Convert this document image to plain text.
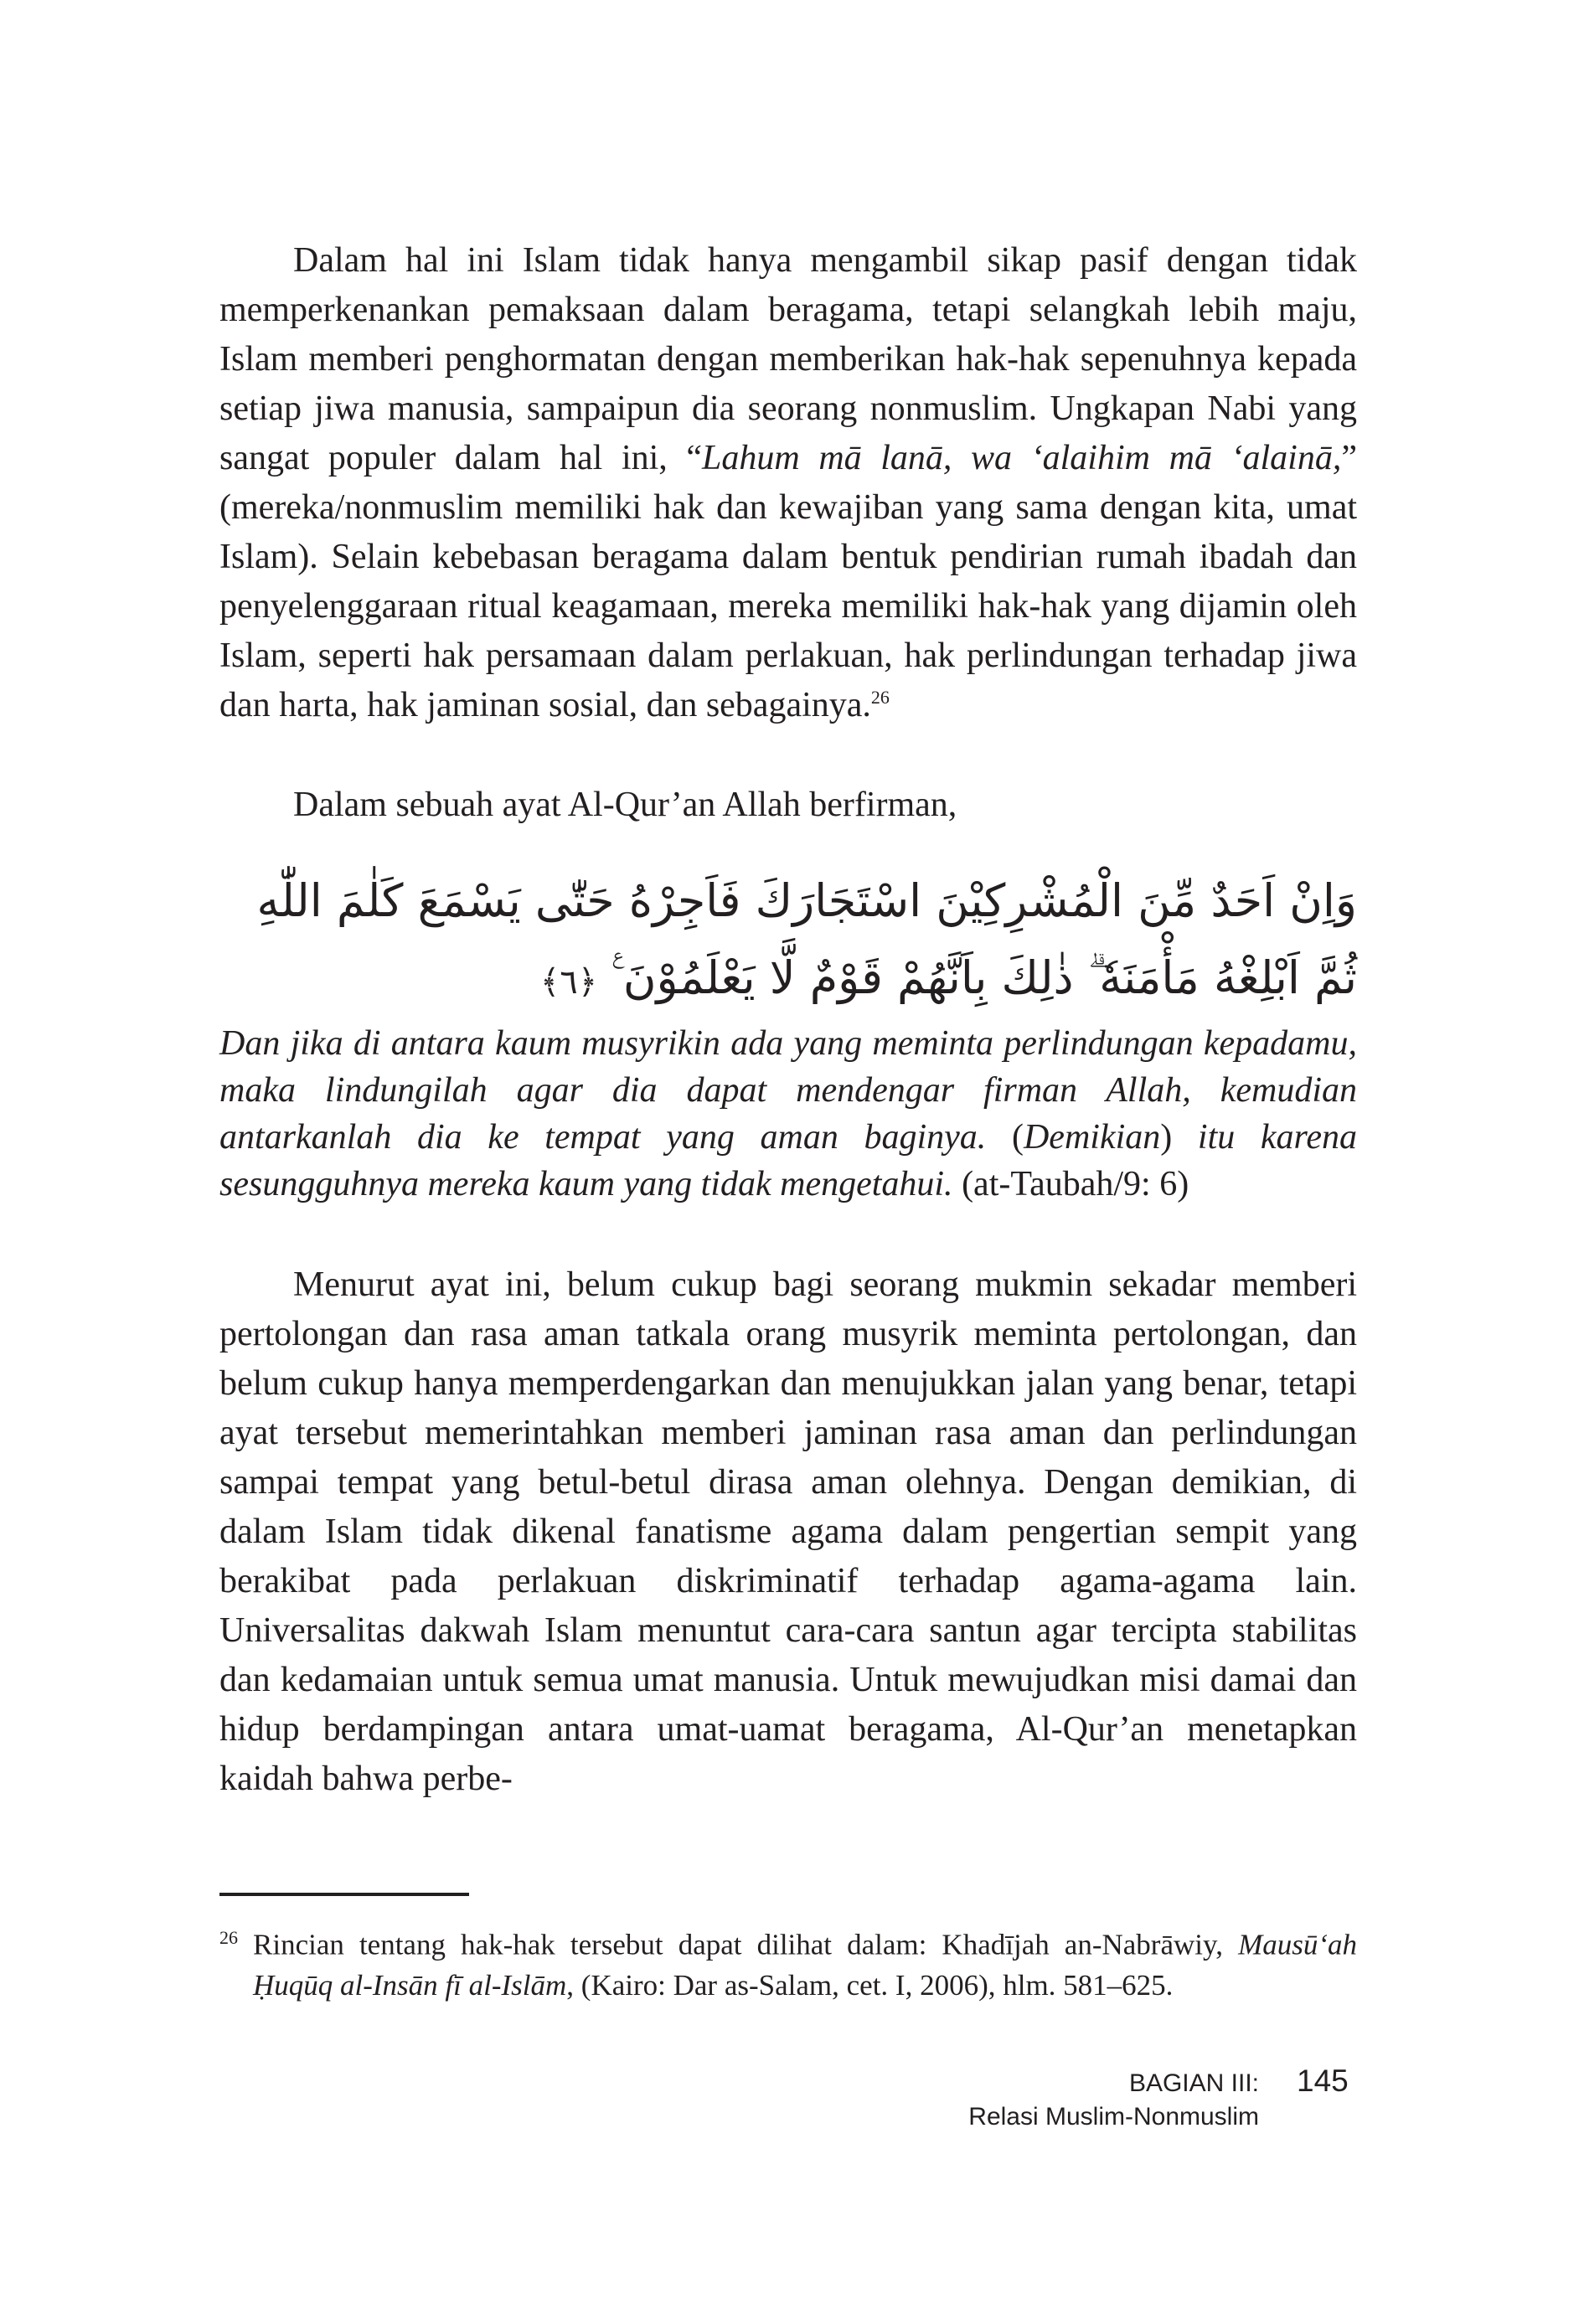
Dalam hal ini Islam tidak hanya mengambil sikap pasif dengan tidak memperkenankan pemaksaan dalam beragama, tetapi selangkah lebih maju, Islam memberi penghormatan dengan memberikan hak-hak sepenuhnya kepada setiap jiwa manusia, sampaipun dia seorang nonmuslim. Ungkapan Nabi yang sangat populer dalam hal ini, “Lahum mā lanā, wa ‘alaihim mā ‘alainā,” (mereka/nonmuslim memiliki hak dan kewajiban yang sama dengan kita, umat Islam). Selain kebebasan beragama dalam bentuk pendirian rumah ibadah dan penyelenggaraan ritual keagamaan, mereka memiliki hak-hak yang dijamin oleh Islam, seperti hak persamaan dalam perlakuan, hak perlindungan terhadap jiwa dan harta, hak jaminan sosial, dan sebagainya.$^{26}$

Dalam sebuah ayat Al-Qur’an Allah berfirman,

وَاِنْ اَحَدٌ مِّنَ الْمُشْرِكِيْنَ اسْتَجَارَكَ فَاَجِرْهُ حَتّٰى يَسْمَعَ كَلٰمَ اللّٰهِ ثُمَّ اَبْلِغْهُ مَأْمَنَهٗ ۗ ذٰلِكَ بِاَنَّهُمْ قَوْمٌ لَّا يَعْلَمُوْنَ ࣖ ﴿٦﴾

Dan jika di antara kaum musyrikin ada yang meminta perlindungan kepadamu, maka lindungilah agar dia dapat mendengar firman Allah, kemudian antarkanlah dia ke tempat yang aman baginya. (Demikian) itu karena sesungguhnya mereka kaum yang tidak mengetahui. (at-Taubah/9: 6)

Menurut ayat ini, belum cukup bagi seorang mukmin sekadar memberi pertolongan dan rasa aman tatkala orang musyrik meminta pertolongan, dan belum cukup hanya memperdengarkan dan menujukkan jalan yang benar, tetapi ayat tersebut memerintahkan memberi jaminan rasa aman dan perlindungan sampai tempat yang betul-betul dirasa aman olehnya. Dengan demikian, di dalam Islam tidak dikenal fanatisme agama dalam pengertian sempit yang berakibat pada perlakuan diskriminatif terhadap agama-agama lain. Universalitas dakwah Islam menuntut cara-cara santun agar tercipta stabilitas dan kedamaian untuk semua umat manusia. Untuk mewujudkan misi damai dan hidup berdampingan antara umat-uamat beragama, Al-Qur’an menetapkan kaidah bahwa perbe-

26 Rincian tentang hak-hak tersebut dapat dilihat dalam: Khadījah an-Nabrāwiy, Mausū‘ah Ḥuqūq al-Insān fī al-Islām, (Kairo: Dar as-Salam, cet. I, 2006), hlm. 581–625.

BAGIAN III:
Relasi Muslim-Nonmuslim
145
